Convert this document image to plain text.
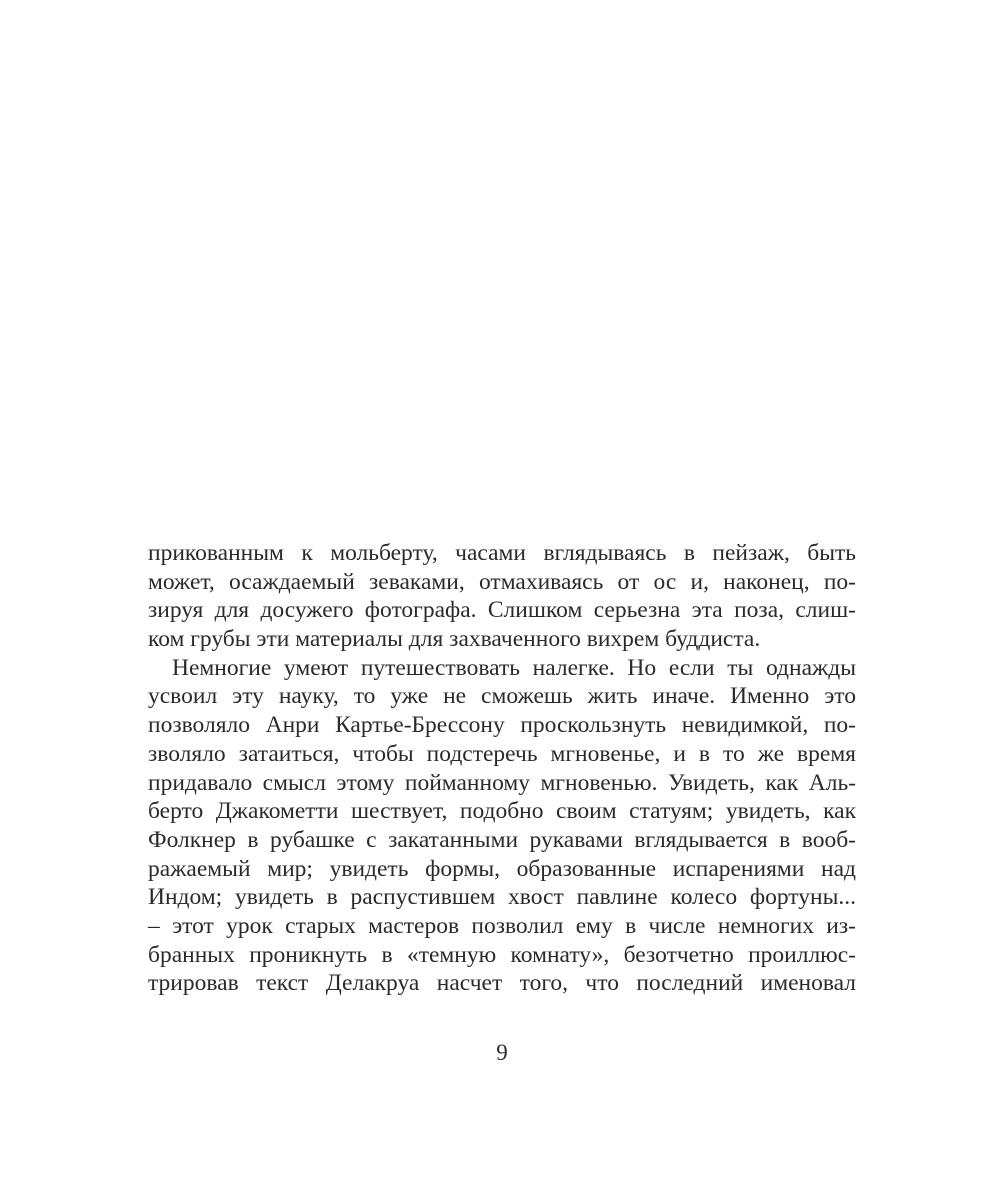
прикованным к мольберту, часами вглядываясь в пейзаж, быть
может, осаждаемый зеваками, отмахиваясь от ос и, наконец, по-
зируя для досужего фотографа. Слишком серьезна эта поза, слиш-
ком грубы эти материалы для захваченного вихрем буддиста.
Немногие умеют путешествовать налегке. Но если ты однажды
усвоил эту науку, то уже не сможешь жить иначе. Именно это
позволяло Анри Картье-Брессону проскользнуть невидимкой, по-
зволяло затаиться, чтобы подстеречь мгновенье, и в то же время
придавало смысл этому пойманному мгновенью. Увидеть, как Аль-
берто Джакометти шествует, подобно своим статуям; увидеть, как
Фолкнер в рубашке с закатанными рукавами вглядывается в вооб-
ражаемый мир; увидеть формы, образованные испарениями над
Индом; увидеть в распустившем хвост павлине колесо фортуны...
– этот урок старых мастеров позволил ему в числе немногих из-
бранных проникнуть в «темную комнату», безотчетно проиллюс-
трировав текст Делакруа насчет того, что последний именовал
9
